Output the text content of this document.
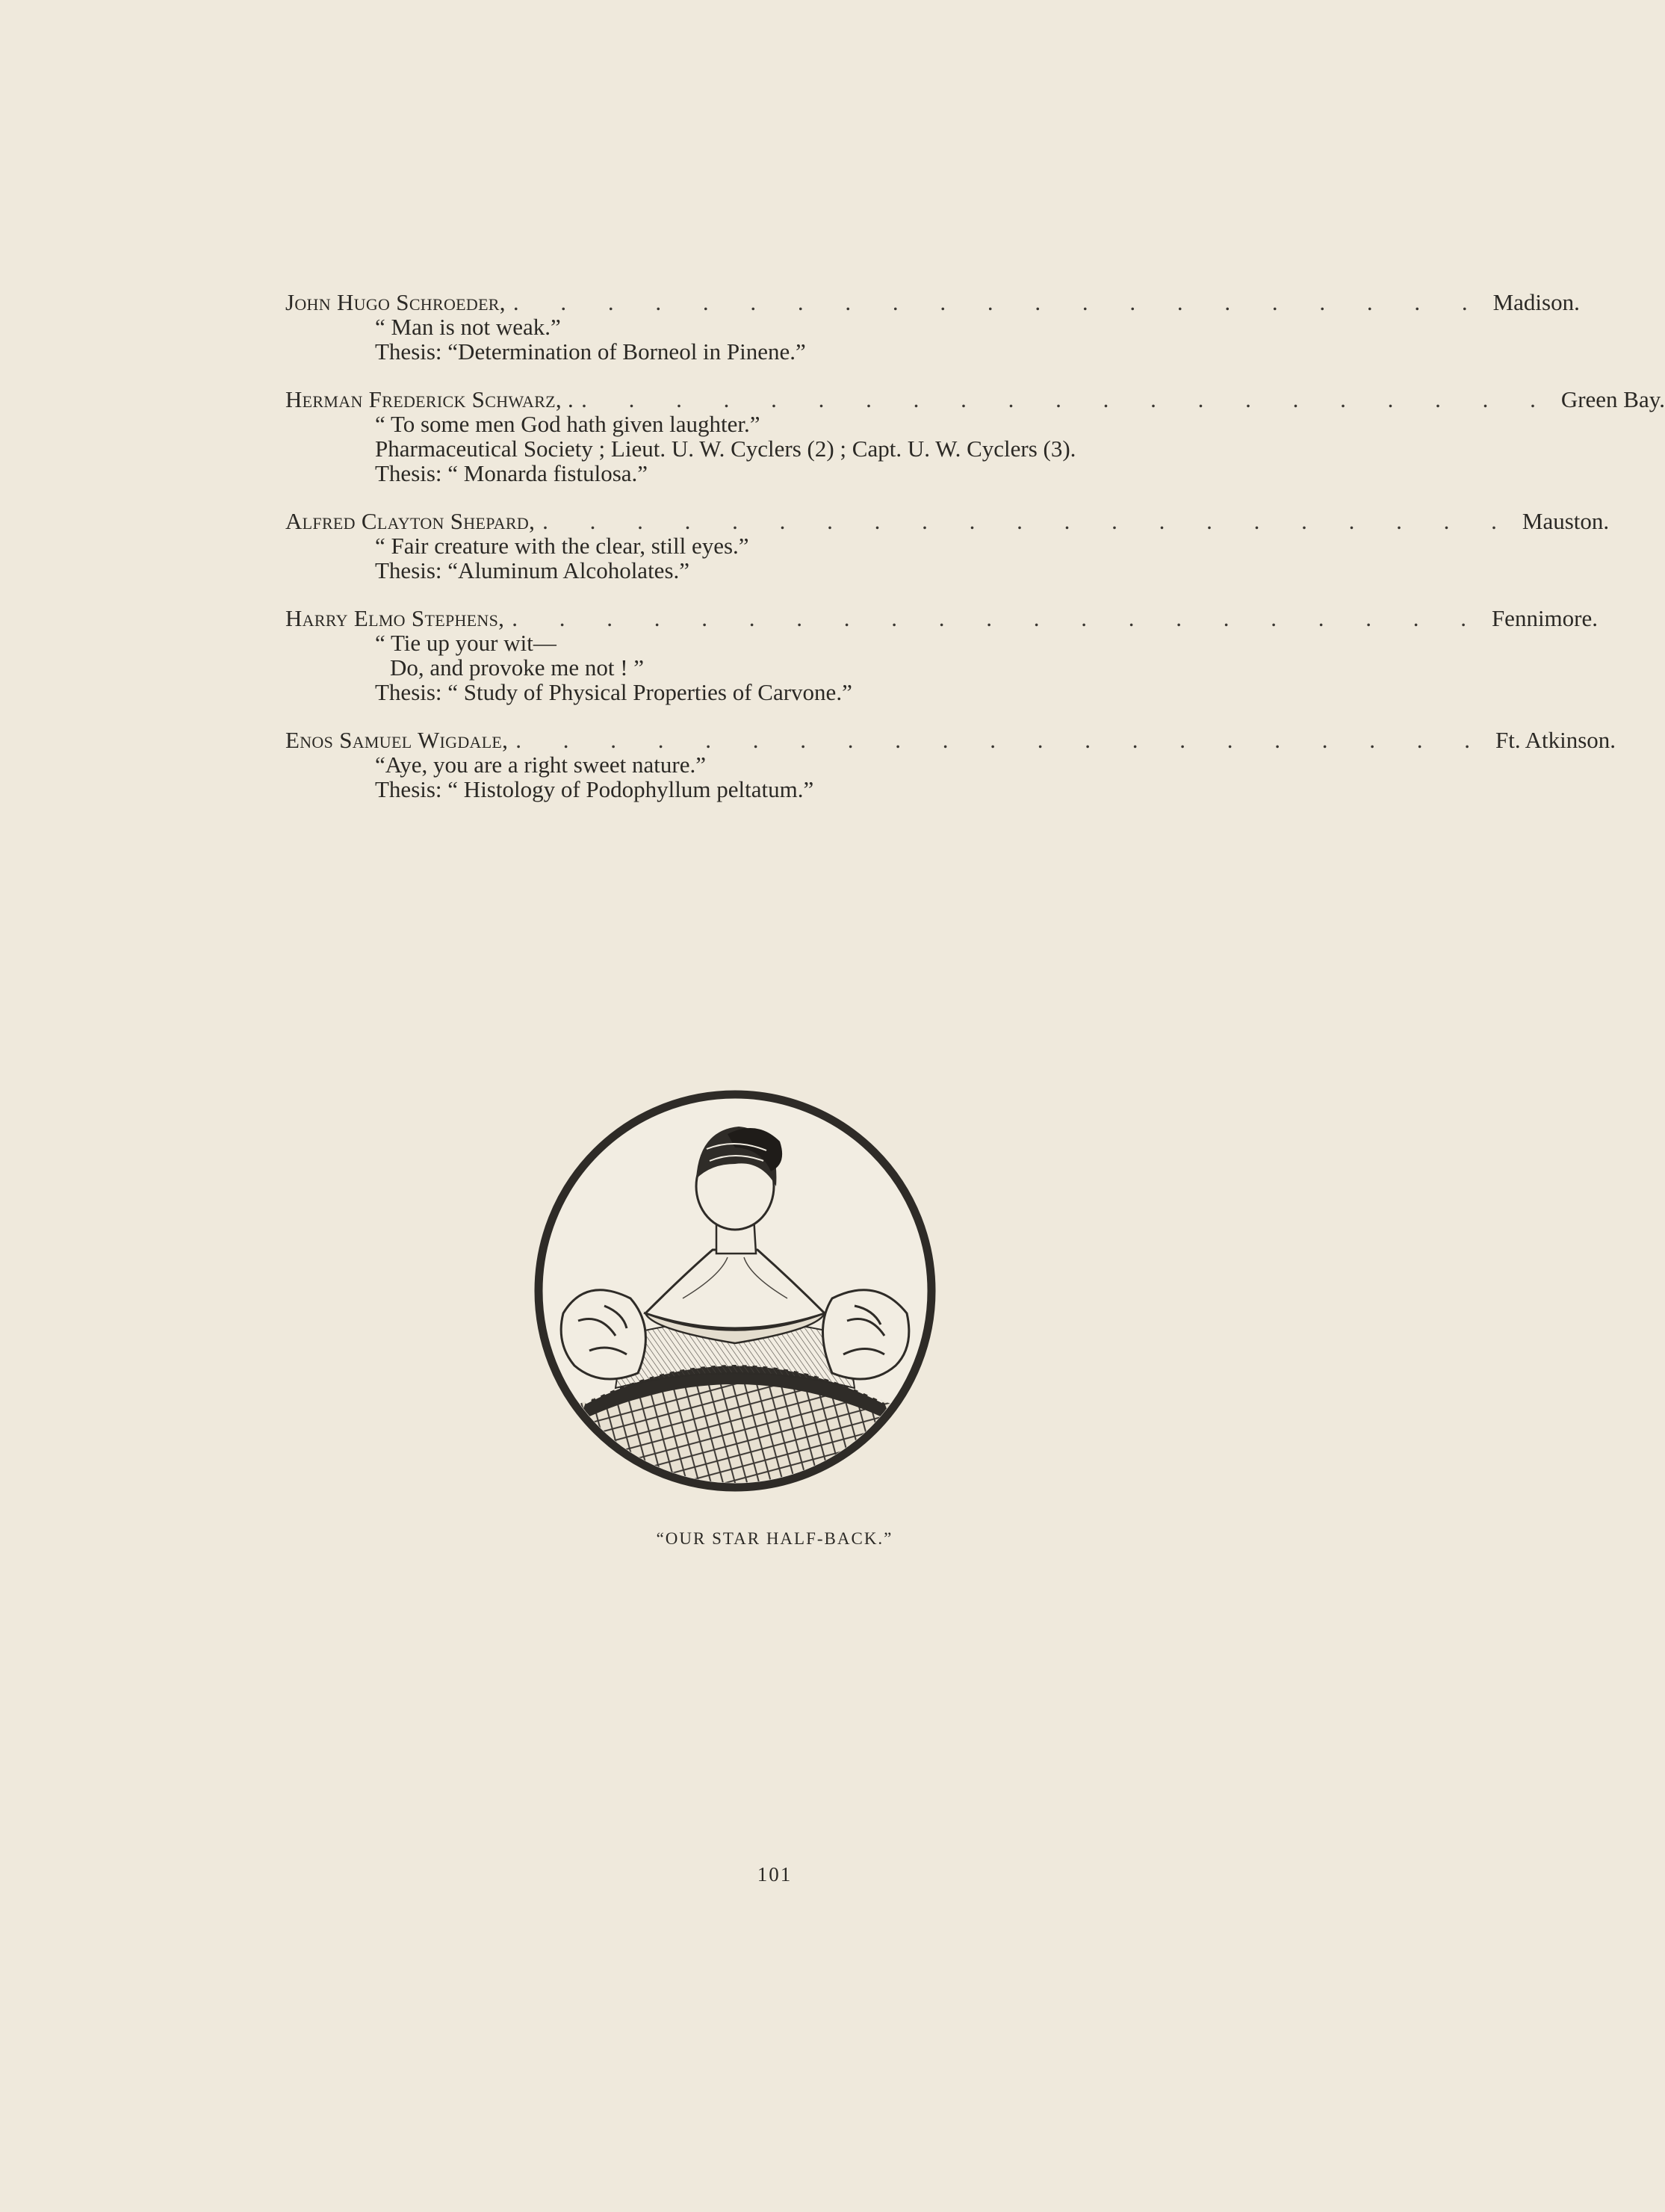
John Hugo Schroeder, . . . . . . . . . . . . . . . . . . . . . Madison.
“ Man is not weak.”
Thesis: “Determination of Borneol in Pinene.”
Herman Frederick Schwarz, . . . . . . . . . . . . . . . . . . . . . . Green Bay.
“ To some men God hath given laughter.”
Pharmaceutical Society ; Lieut. U. W. Cyclers (2) ; Capt. U. W. Cyclers (3).
Thesis: “ Monarda fistulosa.”
Alfred Clayton Shepard, . . . . . . . . . . . . . . . . . . . . . Mauston.
“ Fair creature with the clear, still eyes.”
Thesis: “Aluminum Alcoholates.”
Harry Elmo Stephens, . . . . . . . . . . . . . . . . . . . . . Fennimore.
“ Tie up your wit—
Do, and provoke me not ! ”
Thesis: “ Study of Physical Properties of Carvone.”
Enos Samuel Wigdale, . . . . . . . . . . . . . . . . . . . . . Ft. Atkinson.
“Aye, you are a right sweet nature.”
Thesis: “ Histology of Podophyllum peltatum.”
“OUR STAR HALF-BACK.”
101
